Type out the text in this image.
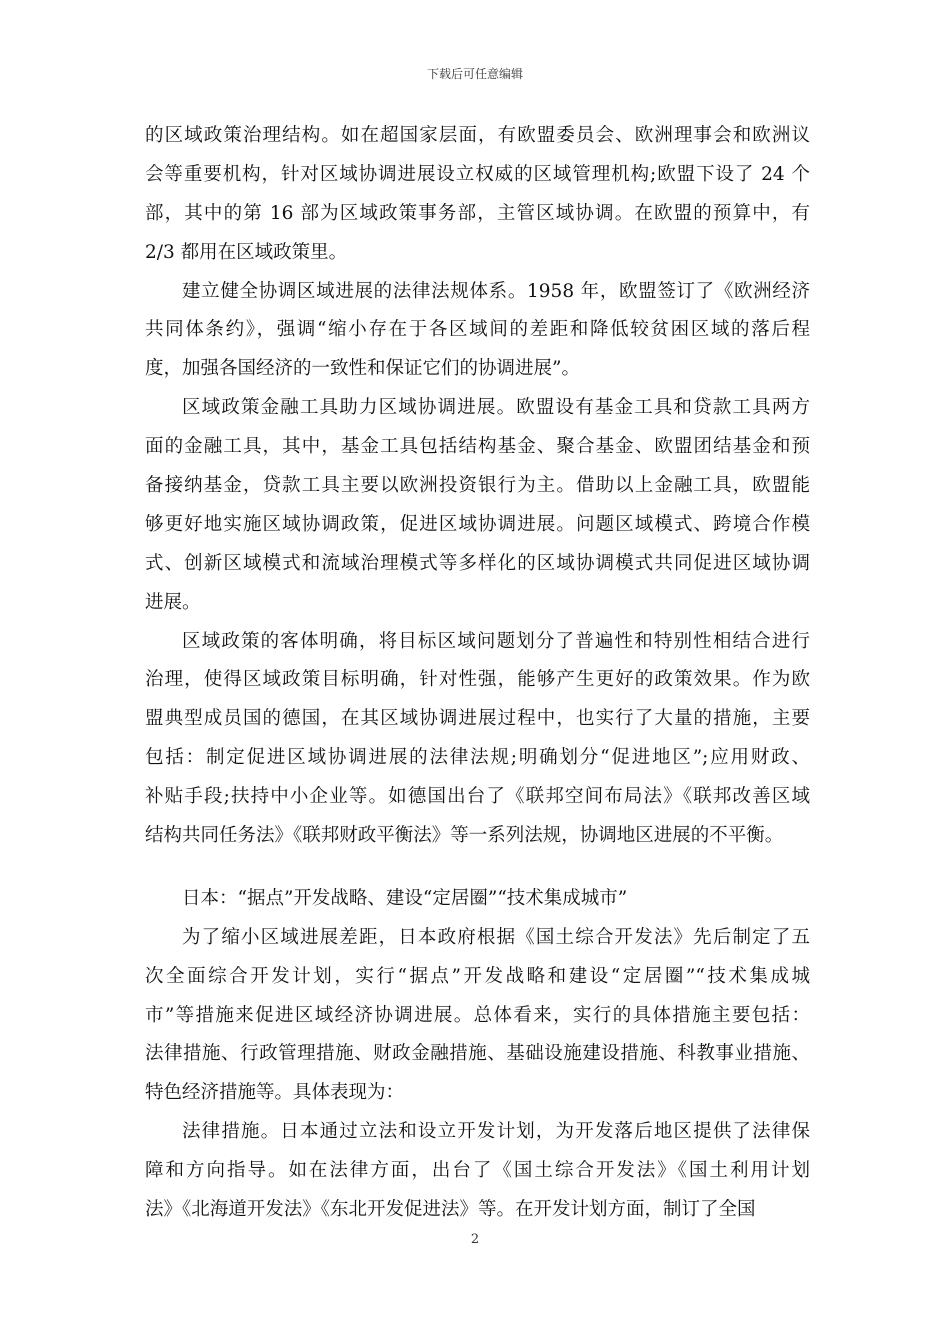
下载后可任意编辑
的区域政策治理结构。如在超国家层面，有欧盟委员会、欧洲理事会和欧洲议
会等重要机构，针对区域协调进展设立权威的区域管理机构;欧盟下设了 24 个
部，其中的第 16 部为区域政策事务部，主管区域协调。在欧盟的预算中，有
2/3 都用在区域政策里。
建立健全协调区域进展的法律法规体系。1958 年，欧盟签订了《欧洲经济
共同体条约》，强调“缩小存在于各区域间的差距和降低较贫困区域的落后程
度，加强各国经济的一致性和保证它们的协调进展”。
区域政策金融工具助力区域协调进展。欧盟设有基金工具和贷款工具两方
面的金融工具，其中，基金工具包括结构基金、聚合基金、欧盟团结基金和预
备接纳基金，贷款工具主要以欧洲投资银行为主。借助以上金融工具，欧盟能
够更好地实施区域协调政策，促进区域协调进展。问题区域模式、跨境合作模
式、创新区域模式和流域治理模式等多样化的区域协调模式共同促进区域协调
进展。
区域政策的客体明确，将目标区域问题划分了普遍性和特别性相结合进行
治理，使得区域政策目标明确，针对性强，能够产生更好的政策效果。作为欧
盟典型成员国的德国，在其区域协调进展过程中，也实行了大量的措施，主要
包括：制定促进区域协调进展的法律法规;明确划分“促进地区”;应用财政、
补贴手段;扶持中小企业等。如德国出台了《联邦空间布局法》《联邦改善区域
结构共同任务法》《联邦财政平衡法》等一系列法规，协调地区进展的不平衡。
日本：“据点”开发战略、建设“定居圈”“技术集成城市”
为了缩小区域进展差距，日本政府根据《国土综合开发法》先后制定了五
次全面综合开发计划，实行“据点”开发战略和建设“定居圈”“技术集成城
市”等措施来促进区域经济协调进展。总体看来，实行的具体措施主要包括：
法律措施、行政管理措施、财政金融措施、基础设施建设措施、科教事业措施、
特色经济措施等。具体表现为：
法律措施。日本通过立法和设立开发计划，为开发落后地区提供了法律保
障和方向指导。如在法律方面，出台了《国土综合开发法》《国土利用计划
法》《北海道开发法》《东北开发促进法》等。在开发计划方面，制订了全国
2
